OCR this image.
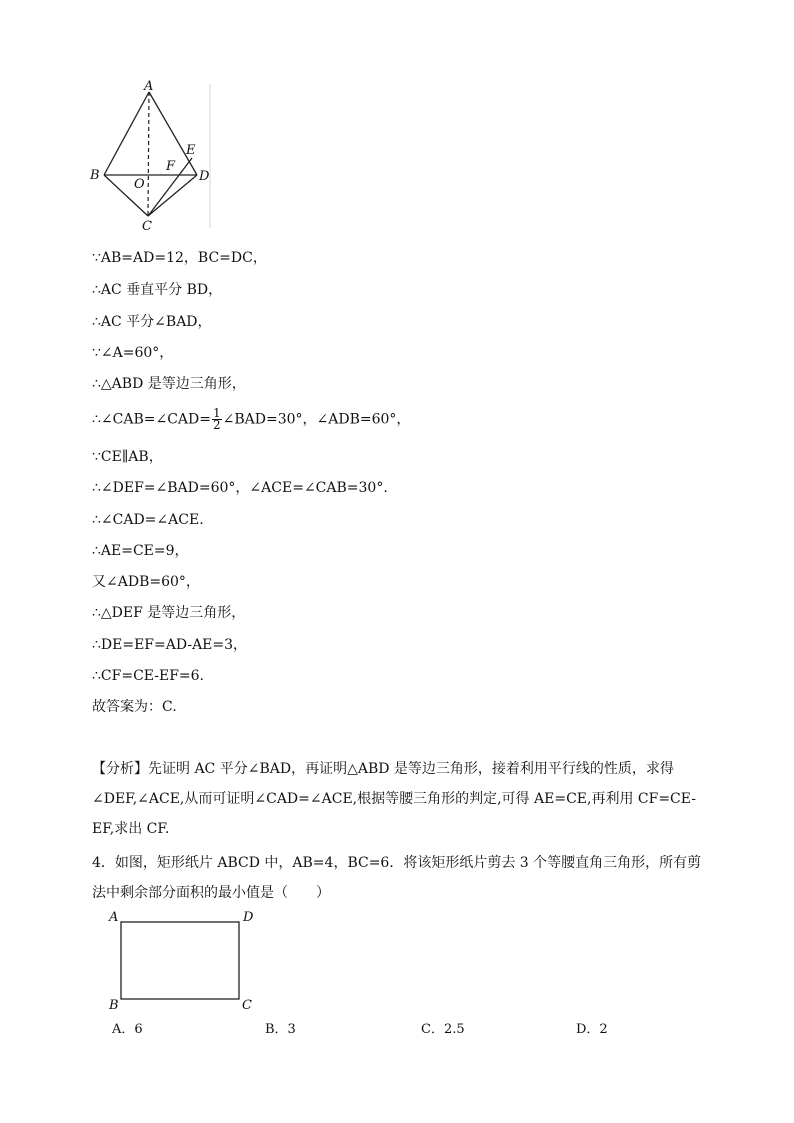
A
B
C
D
E
F
O
∵AB=AD=12，BC=DC，
∴AC 垂直平分 BD，
∴AC 平分∠BAD，
∵∠A=60°，
∴△ABD 是等边三角形，
∴∠CAB=∠CAD= $\frac{1}{2}$ ∠BAD=30°，∠ADB=60°，
∵CE∥AB，
∴∠DEF=∠BAD=60°，∠ACE=∠CAB=30°.
∴∠CAD=∠ACE.
∴AE=CE=9，
又∠ADB=60°，
∴△DEF 是等边三角形，
∴DE=EF=AD-AE=3，
∴CF=CE-EF=6.
故答案为：C.
【分析】先证明 AC 平分∠BAD，再证明△ABD 是等边三角形，接着利用平行线的性质，求得∠DEF,∠ACE,从而可证明∠CAD=∠ACE,根据等腰三角形的判定,可得 AE=CE,再利用 CF=CE-EF,求出 CF.
4．如图，矩形纸片 ABCD 中，AB=4，BC=6．将该矩形纸片剪去 3 个等腰直角三角形，所有剪法中剩余部分面积的最小值是（　　）
A	D
B	C
A．6	B．3	C．2.5	D．2
